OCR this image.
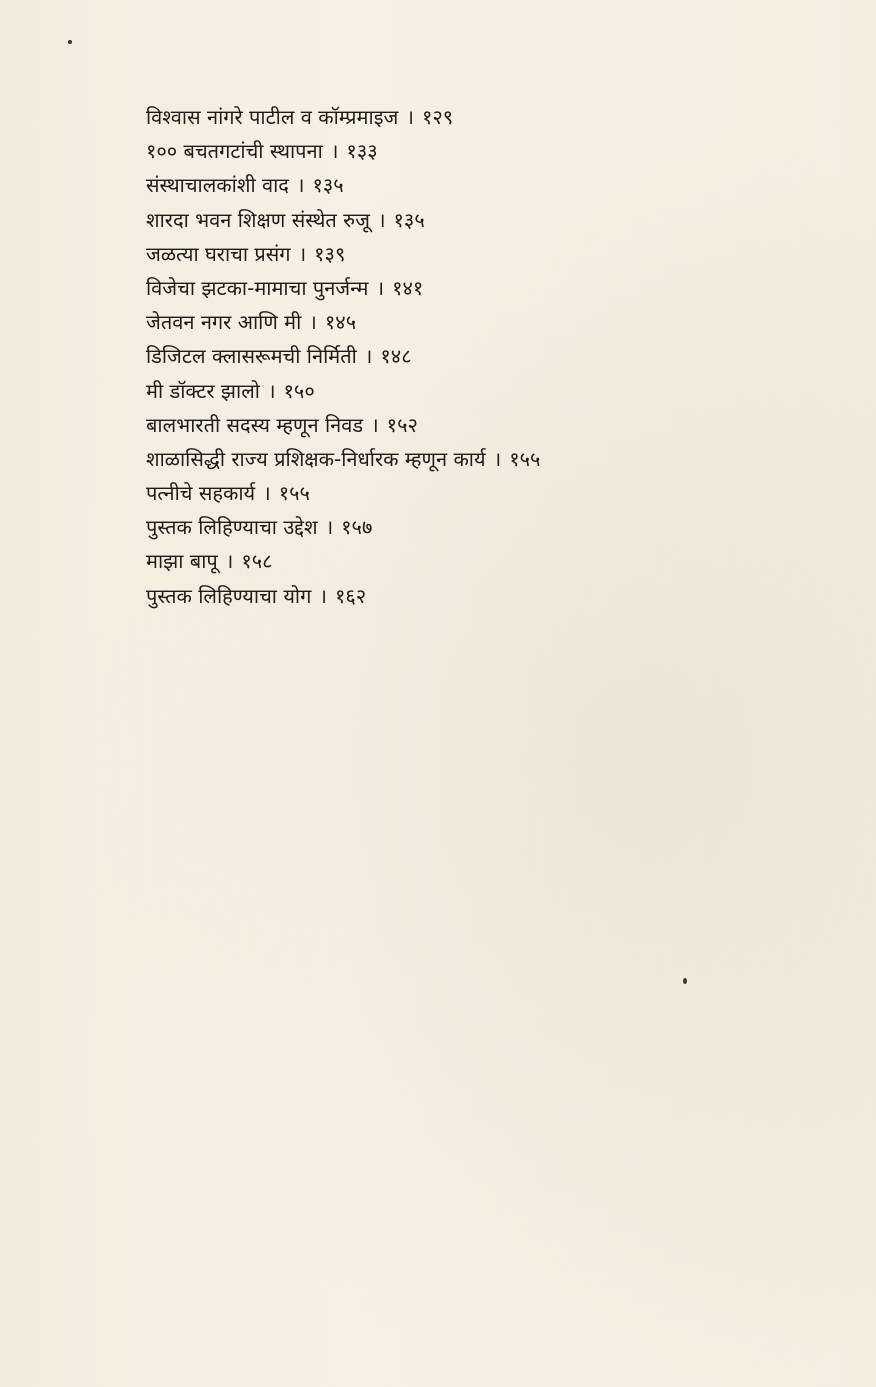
विश्वास नांगरे पाटील व कॉम्प्रमाइज । १२९
१०० बचतगटांची स्थापना । १३३
संस्थाचालकांशी वाद । १३५
शारदा भवन शिक्षण संस्थेत रुजू । १३५
जळत्या घराचा प्रसंग । १३९
विजेचा झटका-मामाचा पुनर्जन्म । १४१
जेतवन नगर आणि मी । १४५
डिजिटल क्लासरूमची निर्मिती । १४८
मी डॉक्टर झालो । १५०
बालभारती सदस्य म्हणून निवड । १५२
शाळासिद्धी राज्य प्रशिक्षक-निर्धारक म्हणून कार्य । १५५
पत्नीचे सहकार्य । १५५
पुस्तक लिहिण्याचा उद्देश । १५७
माझा बापू । १५८
पुस्तक लिहिण्याचा योग । १६२
